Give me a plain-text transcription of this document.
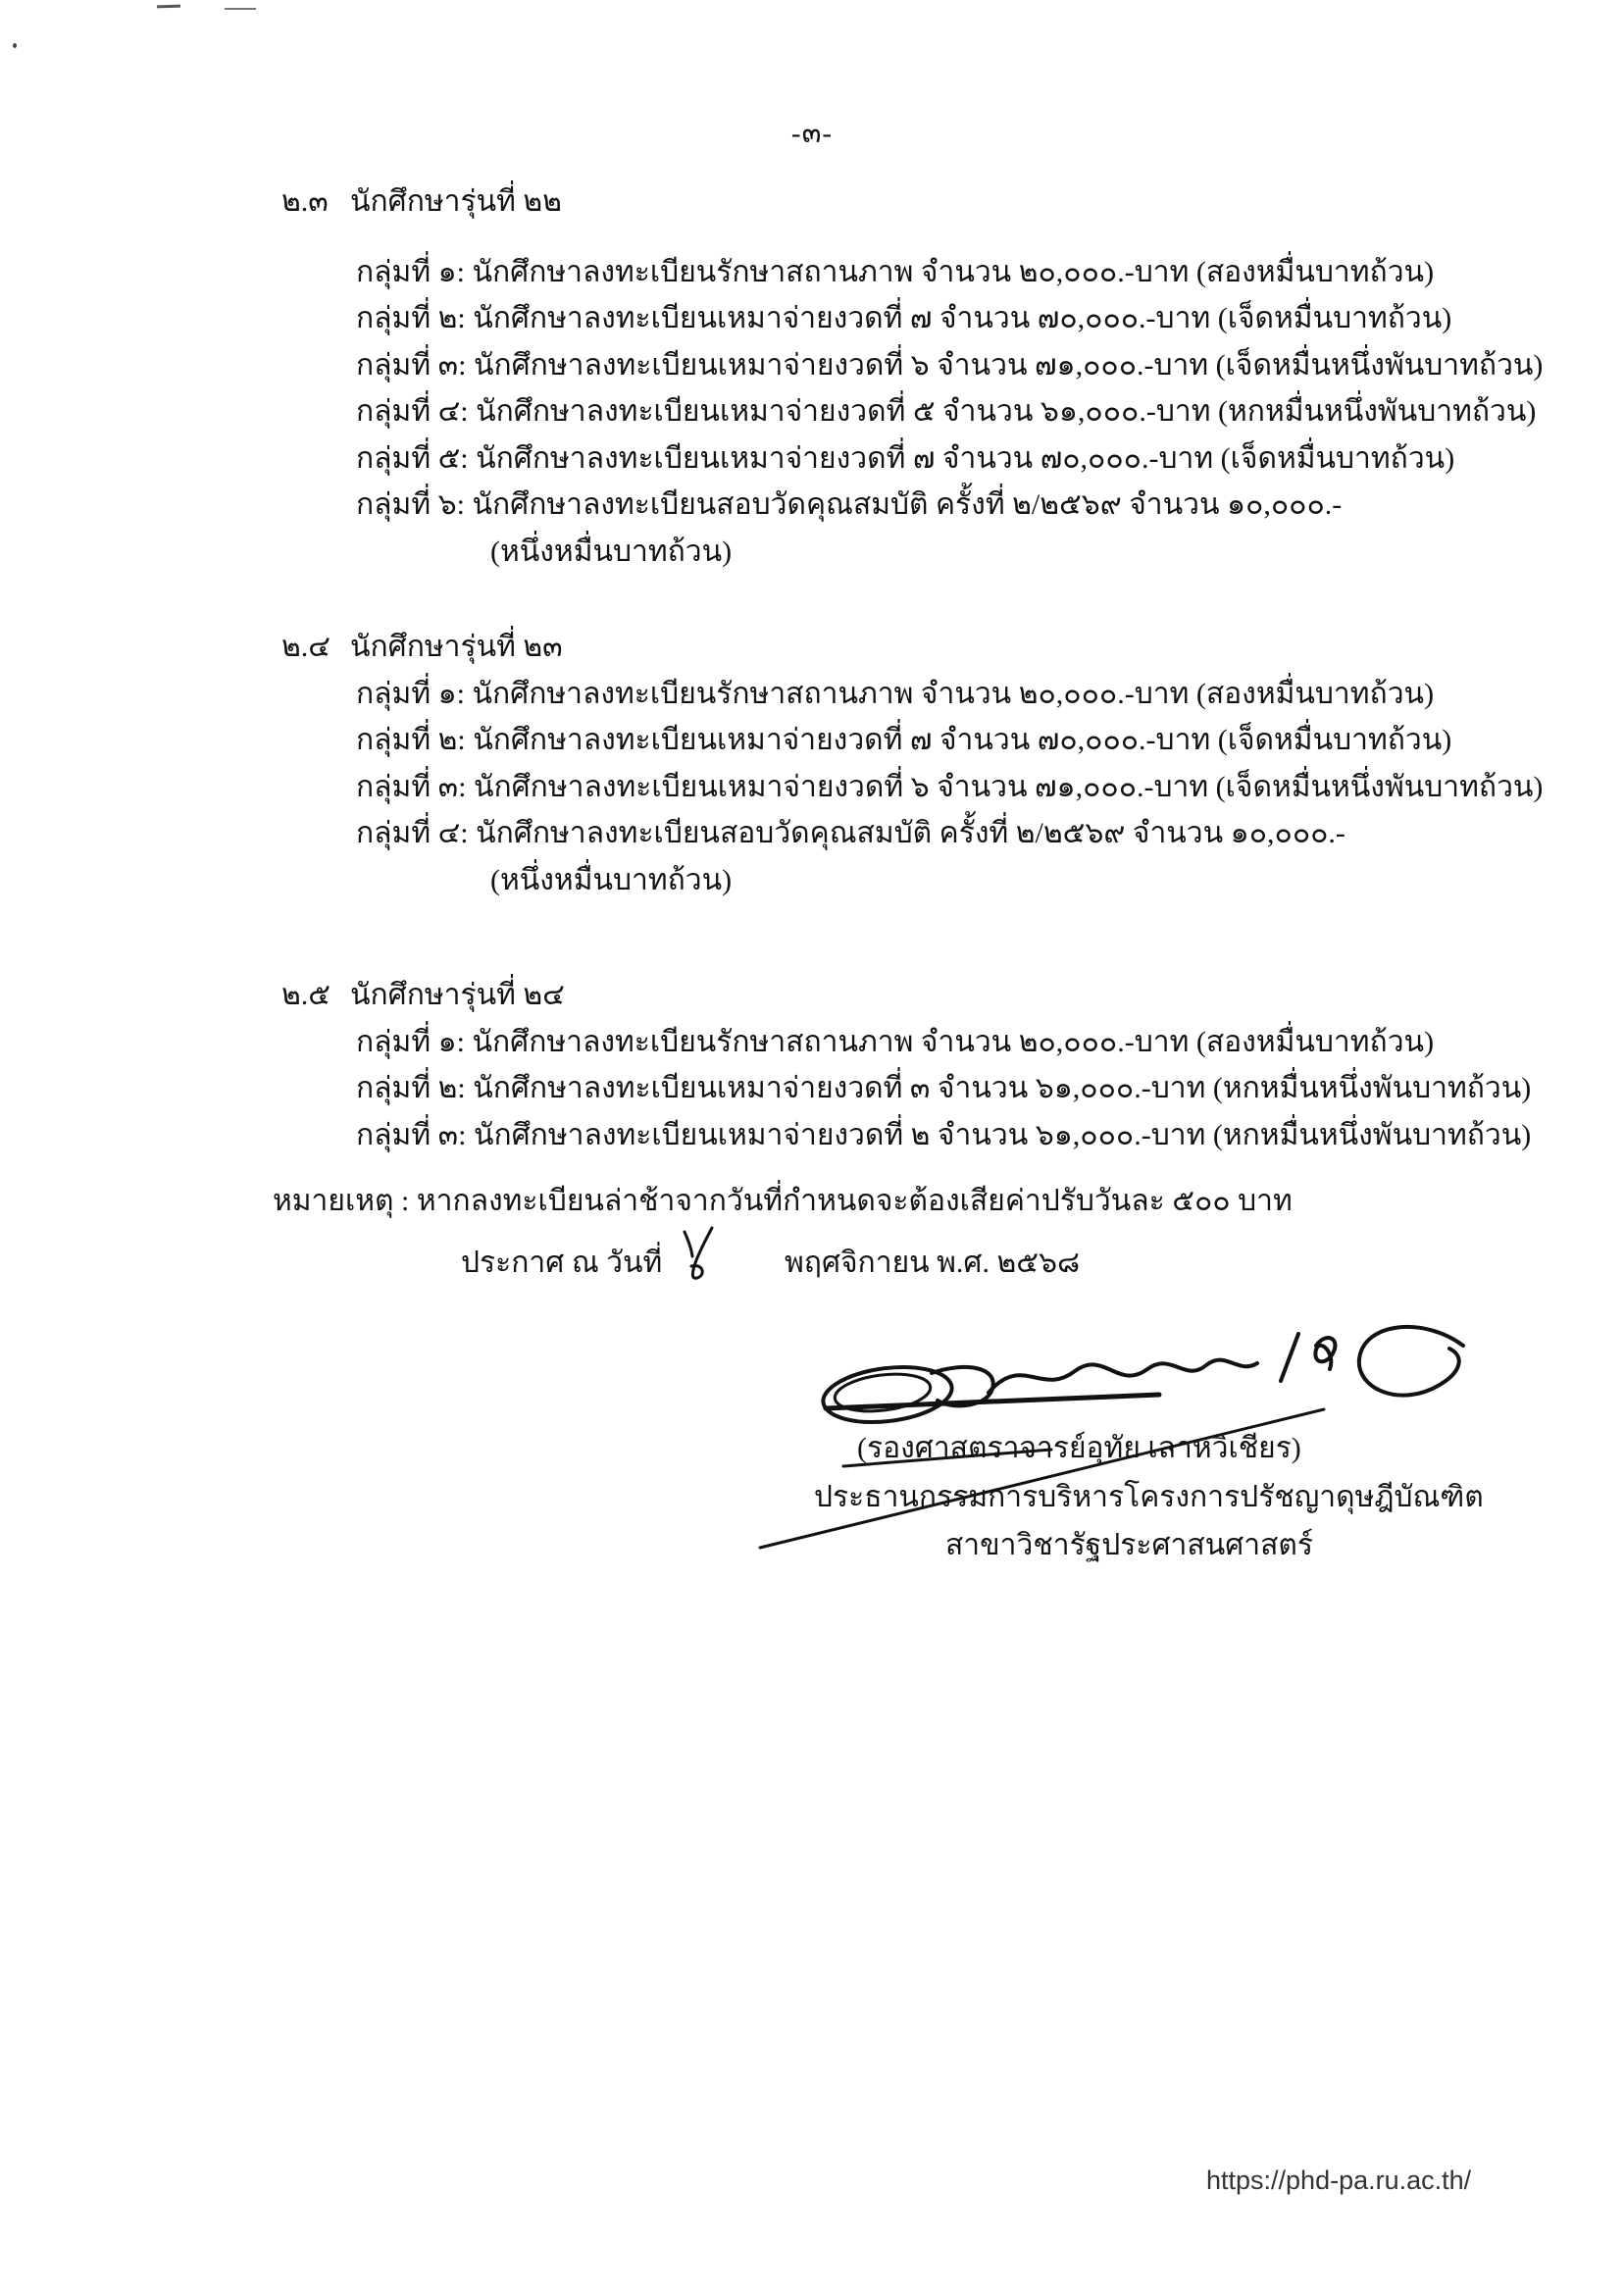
-๓-
๒.๓ นักศึกษารุ่นที่ ๒๒
กลุ่มที่ ๑: นักศึกษาลงทะเบียนรักษาสถานภาพ จำนวน ๒๐,๐๐๐.-บาท (สองหมื่นบาทถ้วน)
กลุ่มที่ ๒: นักศึกษาลงทะเบียนเหมาจ่ายงวดที่ ๗ จำนวน ๗๐,๐๐๐.-บาท (เจ็ดหมื่นบาทถ้วน)
กลุ่มที่ ๓: นักศึกษาลงทะเบียนเหมาจ่ายงวดที่ ๖ จำนวน ๗๑,๐๐๐.-บาท (เจ็ดหมื่นหนึ่งพันบาทถ้วน)
กลุ่มที่ ๔: นักศึกษาลงทะเบียนเหมาจ่ายงวดที่ ๕ จำนวน ๖๑,๐๐๐.-บาท (หกหมื่นหนึ่งพันบาทถ้วน)
กลุ่มที่ ๕: นักศึกษาลงทะเบียนเหมาจ่ายงวดที่ ๗ จำนวน ๗๐,๐๐๐.-บาท (เจ็ดหมื่นบาทถ้วน)
กลุ่มที่ ๖: นักศึกษาลงทะเบียนสอบวัดคุณสมบัติ ครั้งที่ ๒/๒๕๖๙ จำนวน ๑๐,๐๐๐.-
(หนึ่งหมื่นบาทถ้วน)
๒.๔ นักศึกษารุ่นที่ ๒๓
กลุ่มที่ ๑: นักศึกษาลงทะเบียนรักษาสถานภาพ จำนวน ๒๐,๐๐๐.-บาท (สองหมื่นบาทถ้วน)
กลุ่มที่ ๒: นักศึกษาลงทะเบียนเหมาจ่ายงวดที่ ๗ จำนวน ๗๐,๐๐๐.-บาท (เจ็ดหมื่นบาทถ้วน)
กลุ่มที่ ๓: นักศึกษาลงทะเบียนเหมาจ่ายงวดที่ ๖ จำนวน ๗๑,๐๐๐.-บาท (เจ็ดหมื่นหนึ่งพันบาทถ้วน)
กลุ่มที่ ๔: นักศึกษาลงทะเบียนสอบวัดคุณสมบัติ ครั้งที่ ๒/๒๕๖๙ จำนวน ๑๐,๐๐๐.-
(หนึ่งหมื่นบาทถ้วน)
๒.๕ นักศึกษารุ่นที่ ๒๔
กลุ่มที่ ๑: นักศึกษาลงทะเบียนรักษาสถานภาพ จำนวน ๒๐,๐๐๐.-บาท (สองหมื่นบาทถ้วน)
กลุ่มที่ ๒: นักศึกษาลงทะเบียนเหมาจ่ายงวดที่ ๓ จำนวน ๖๑,๐๐๐.-บาท (หกหมื่นหนึ่งพันบาทถ้วน)
กลุ่มที่ ๓: นักศึกษาลงทะเบียนเหมาจ่ายงวดที่ ๒ จำนวน ๖๑,๐๐๐.-บาท (หกหมื่นหนึ่งพันบาทถ้วน)
หมายเหตุ : หากลงทะเบียนล่าช้าจากวันที่กำหนดจะต้องเสียค่าปรับวันละ ๕๐๐ บาท
ประกาศ ณ วันที่	พฤศจิกายน พ.ศ. ๒๕๖๘
(รองศาสตราจารย์อุทัย เลาหวิเชียร)
ประธานกรรมการบริหารโครงการปรัชญาดุษฎีบัณฑิต
สาขาวิชารัฐประศาสนศาสตร์
https://phd-pa.ru.ac.th/
